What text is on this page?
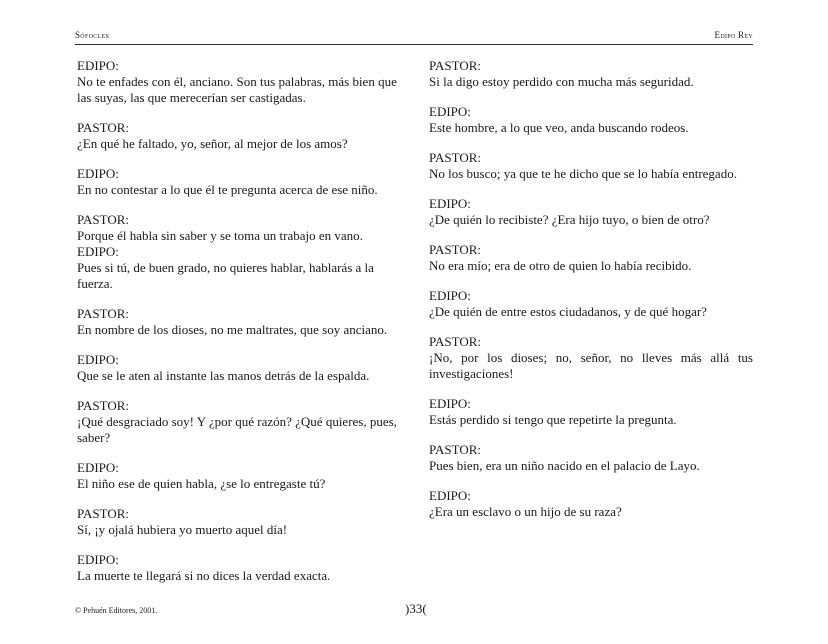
Sófocles	Edipo Rey
EDIPO:
No te enfades con él, anciano. Son tus palabras, más bien que las suyas, las que merecerían ser castigadas.
PASTOR:
¿En qué he faltado, yo, señor, al mejor de los amos?
EDIPO:
En no contestar a lo que él te pregunta acerca de ese niño.
PASTOR:
Porque él habla sin saber y se toma un trabajo en vano.
EDIPO:
Pues si tú, de buen grado, no quieres hablar, hablarás a la fuerza.
PASTOR:
En nombre de los dioses, no me maltrates, que soy anciano.
EDIPO:
Que se le aten al instante las manos detrás de la espalda.
PASTOR:
¡Qué desgraciado soy! Y ¿por qué razón? ¿Qué quieres, pues, saber?
EDIPO:
El niño ese de quien habla, ¿se lo entregaste tú?
PASTOR:
Sí, ¡y ojalá hubiera yo muerto aquel día!
EDIPO:
La muerte te llegará si no dices la verdad exacta.
PASTOR:
Si la digo estoy perdido con mucha más seguridad.
EDIPO:
Este hombre, a lo que veo, anda buscando rodeos.
PASTOR:
No los busco; ya que te he dicho que se lo había entregado.
EDIPO:
¿De quién lo recibiste? ¿Era hijo tuyo, o bien de otro?
PASTOR:
No era mío; era de otro de quien lo había recibido.
EDIPO:
¿De quién de entre estos ciudadanos, y de qué hogar?
PASTOR:
¡No, por los dioses; no, señor, no lleves más allá tus investigaciones!
EDIPO:
Estás perdido si tengo que repetirte la pregunta.
PASTOR:
Pues bien, era un niño nacido en el palacio de Layo.
EDIPO:
¿Era un esclavo o un hijo de su raza?
© Pehuén Editores, 2001.	)33(
